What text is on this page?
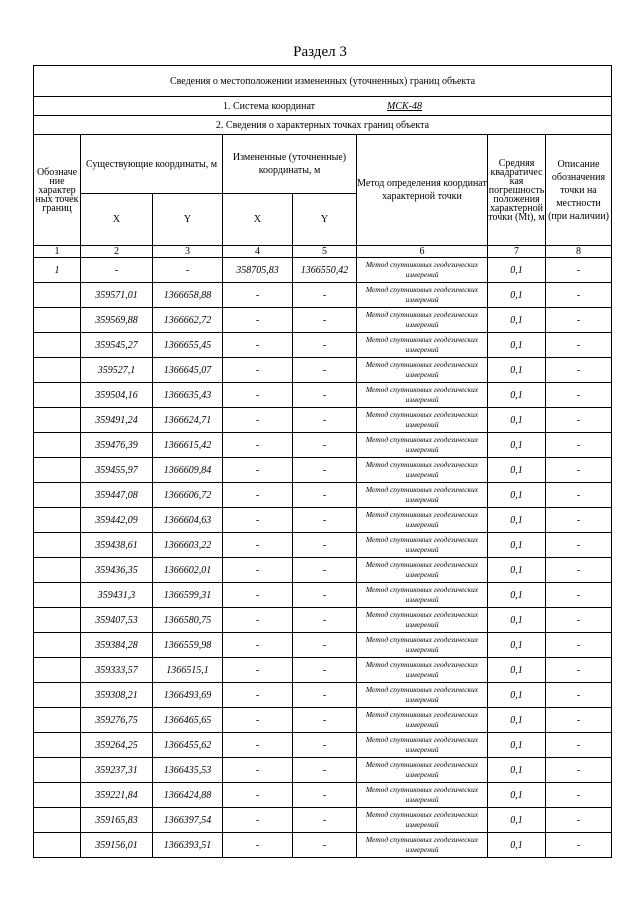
Раздел 3
Сведения о местоположении измененных (уточненных) границ объекта							
1. Система координат МСК-48							
2. Сведения о характерных точках границ объекта							
Обозначе ние характер ных точек границ	Существующие координаты, м		Измененные (уточненные) координаты, м		Метод определения координат характерной точки	Средняя квадратичес кая погрешность положения характерной точки (Mt), м	Описание обозначения точки на местности (при наличии)
	X	Y	X	Y			
1	2	3	4	5	6	7	8
1	-	-	358705,83	1366550,42	Метод спутниковых геодезических измерений	0,1	-
	359571,01	1366658,88	-	-	Метод спутниковых геодезических измерений	0,1	-
	359569,88	1366662,72	-	-	Метод спутниковых геодезических измерений	0,1	-
	359545,27	1366655,45	-	-	Метод спутниковых геодезических измерений	0,1	-
	359527,1	1366645,07	-	-	Метод спутниковых геодезических измерений	0,1	-
	359504,16	1366635,43	-	-	Метод спутниковых геодезических измерений	0,1	-
	359491,24	1366624,71	-	-	Метод спутниковых геодезических измерений	0,1	-
	359476,39	1366615,42	-	-	Метод спутниковых геодезических измерений	0,1	-
	359455,97	1366609,84	-	-	Метод спутниковых геодезических измерений	0,1	-
	359447,08	1366606,72	-	-	Метод спутниковых геодезических измерений	0,1	-
	359442,09	1366604,63	-	-	Метод спутниковых геодезических измерений	0,1	-
	359438,61	1366603,22	-	-	Метод спутниковых геодезических измерений	0,1	-
	359436,35	1366602,01	-	-	Метод спутниковых геодезических измерений	0,1	-
	359431,3	1366599,31	-	-	Метод спутниковых геодезических измерений	0,1	-
	359407,53	1366580,75	-	-	Метод спутниковых геодезических измерений	0,1	-
	359384,28	1366559,98	-	-	Метод спутниковых геодезических измерений	0,1	-
	359333,57	1366515,1	-	-	Метод спутниковых геодезических измерений	0,1	-
	359308,21	1366493,69	-	-	Метод спутниковых геодезических измерений	0,1	-
	359276,75	1366465,65	-	-	Метод спутниковых геодезических измерений	0,1	-
	359264,25	1366455,62	-	-	Метод спутниковых геодезических измерений	0,1	-
	359237,31	1366435,53	-	-	Метод спутниковых геодезических измерений	0,1	-
	359221,84	1366424,88	-	-	Метод спутниковых геодезических измерений	0,1	-
	359165,83	1366397,54	-	-	Метод спутниковых геодезических измерений	0,1	-
	359156,01	1366393,51	-	-	Метод спутниковых геодезических измерений	0,1	-
